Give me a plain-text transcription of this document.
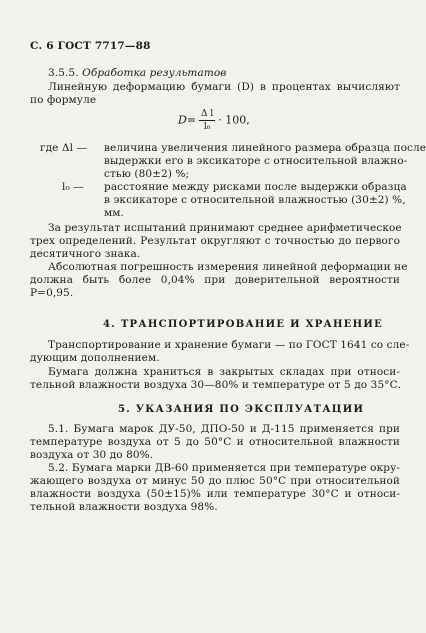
С. 6 ГОСТ 7717—88
3.5.5. Обработка результатов
Линейную деформацию бумаги (D) в процентах вычисляют
по формуле
$D= \frac{\text{Δ l}}{\text{l₀}} \cdot 100$,
где Δl — величина увеличения линейного размера образца после
выдержки его в эксикаторе с относительной влажно-
стью (80±2) %;
l₀ — расстояние между рисками после выдержки образца
в эксикаторе с относительной влажностью (30±2) %,
мм.
За результат испытаний принимают среднее арифметическое
трех определений. Результат округляют с точностью до первого
десятичного знака.
Абсолютная погрешность измерения линейной деформации не
должна быть более 0,04% при доверительной вероятности
P=0,95.
4. ТРАНСПОРТИРОВАНИЕ И ХРАНЕНИЕ
Транспортирование и хранение бумаги — по ГОСТ 1641 со сле-
дующим дополнением.
Бумага должна храниться в закрытых складах при относи-
тельной влажности воздуха 30—80% и температуре от 5 до 35°С.
5. УКАЗАНИЯ ПО ЭКСПЛУАТАЦИИ
5.1. Бумага марок ДУ-50, ДПО-50 и Д-115 применяется при
температуре воздуха от 5 до 50°С и относительной влажности
воздуха от 30 до 80%.
5.2. Бумага марки ДВ-60 применяется при температуре окру-
жающего воздуха от минус 50 до плюс 50°С при относительной
влажности воздуха (50±15)% или температуре 30°С и относи-
тельной влажности воздуха 98%.
